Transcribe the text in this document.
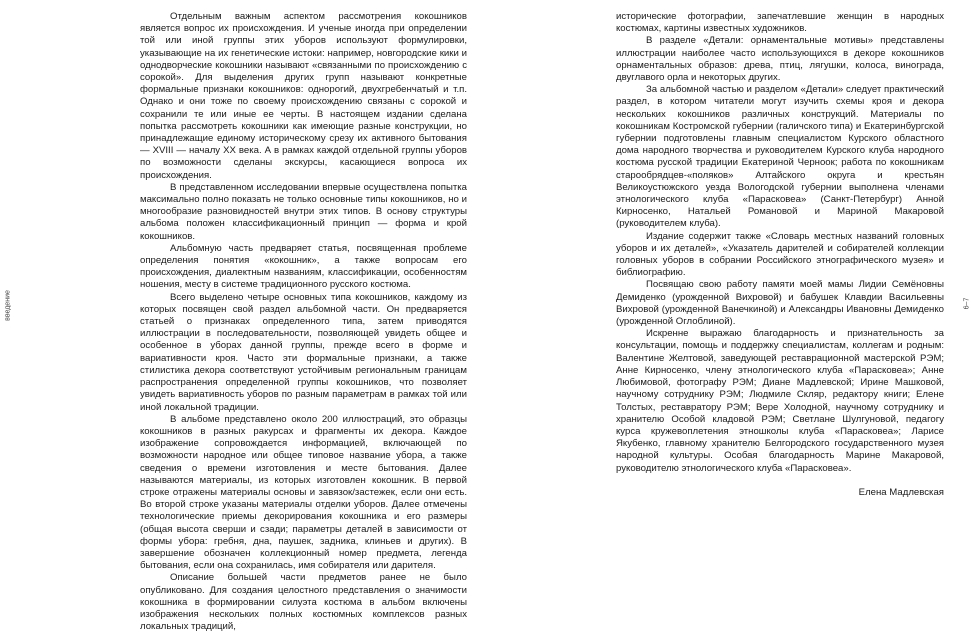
введение

Отдельным важным аспектом рассмотрения кокошников является вопрос их происхождения. И ученые иногда при определении той или иной группы этих уборов используют формулировки, указывающие на их генетические истоки: например, новгородские кики и однодворческие кокошники называют «связанными по происхождению с сорокой». Для выделения других групп называют конкретные формальные признаки кокошников: однорогий, двухгребенчатый и т.п. Однако и они тоже по своему происхождению связаны с сорокой и сохранили те или иные ее черты. В настоящем издании сделана попытка рассмотреть кокошники как имеющие разные конструкции, но принадлежащие единому историческому срезу их активного бытования — XVIII — началу XX века. А в рамках каждой отдельной группы уборов по возможности сделаны экскурсы, касающиеся вопроса их происхождения.

В представленном исследовании впервые осуществлена попытка максимально полно показать не только основные типы кокошников, но и многообразие разновидностей внутри этих типов. В основу структуры альбома положен классификационный принцип — форма и крой кокошников.

Альбомную часть предваряет статья, посвященная проблеме определения понятия «кокошник», а также вопросам его происхождения, диалектным названиям, классификации, особенностям ношения, месту в системе традиционного русского костюма.

Всего выделено четыре основных типа кокошников, каждому из которых посвящен свой раздел альбомной части. Он предваряется статьей о признаках определенного типа, затем приводятся иллюстрации в последовательности, позволяющей увидеть общее и особенное в уборах данной группы, прежде всего в форме и вариативности кроя. Часто эти формальные признаки, а также стилистика декора соответствуют устойчивым региональным границам распространения определенной группы кокошников, что позволяет увидеть вариативность уборов по разным параметрам в рамках той или иной локальной традиции.

В альбоме представлено около 200 иллюстраций, это образцы кокошников в разных ракурсах и фрагменты их декора. Каждое изображение сопровождается информацией, включающей по возможности народное или общее типовое название убора, а также сведения о времени изготовления и месте бытования. Далее называются материалы, из которых изготовлен кокошник. В первой строке отражены материалы основы и завязок/застежек, если они есть. Во второй строке указаны материалы отделки уборов. Далее отмечены технологические приемы декорирования кокошника и его размеры (общая высота сверши и сзади; параметры деталей в зависимости от формы убора: гребня, дна, паушек, задника, клиньев и других). В завершение обозначен коллекционный номер предмета, легенда бытования, если она сохранилась, имя собирателя или дарителя.

Описание большей части предметов ранее не было опубликовано. Для создания целостного представления о значимости кокошника в формировании силуэта костюма в альбом включены изображения нескольких полных костюмных комплексов разных локальных традиций,

исторические фотографии, запечатлевшие женщин в народных костюмах, картины известных художников.

В разделе «Детали: орнаментальные мотивы» представлены иллюстрации наиболее часто использующихся в декоре кокошников орнаментальных образов: древа, птиц, лягушки, колоса, винограда, двуглавого орла и некоторых других.

За альбомной частью и разделом «Детали» следует практический раздел, в котором читатели могут изучить схемы кроя и декора нескольких кокошников различных конструкций. Материалы по кокошникам Костромской губернии (галичского типа) и Екатеринбургской губернии подготовлены главным специалистом Курского областного дома народного творчества и руководителем Курского клуба народного костюма русской традиции Екатериной Черноок; работа по кокошникам старообрядцев-«поляков» Алтайского округа и крестьян Великоустюжского уезда Вологодской губернии выполнена членами этнологического клуба «Парасковеа» (Санкт-Петербург) Анной Кирносенко, Натальей Романовой и Мариной Макаровой (руководителем клуба).

Издание содержит также «Словарь местных названий головных уборов и их деталей», «Указатель дарителей и собирателей коллекции головных уборов в собрании Российского этнографического музея» и библиографию.

Посвящаю свою работу памяти моей мамы Лидии Семёновны Демиденко (урожденной Вихровой) и бабушек Клавдии Васильевны Вихровой (урожденной Ванечкиной) и Александры Ивановны Демиденко (урожденной Оглоблиной).

Искренне выражаю благодарность и признательность за консультации, помощь и поддержку специалистам, коллегам и родным: Валентине Желтовой, заведующей реставрационной мастерской РЭМ; Анне Кирносенко, члену этнологического клуба «Парасковеа»; Анне Любимовой, фотографу РЭМ; Диане Мадлевской; Ирине Машковой, научному сотруднику РЭМ; Людмиле Скляр, редактору книги; Елене Толстых, реставратору РЭМ; Вере Холодной, научному сотруднику и хранителю Особой кладовой РЭМ; Светлане Шулгуновой, педагогу курса кружевоплетения этношколы клуба «Парасковеа»; Ларисе Якубенко, главному хранителю Белгородского государственного музея народной культуры. Особая благодарность Марине Макаровой, руководителю этнологического клуба «Парасковеа».

Елена Мадлевская
6–7
